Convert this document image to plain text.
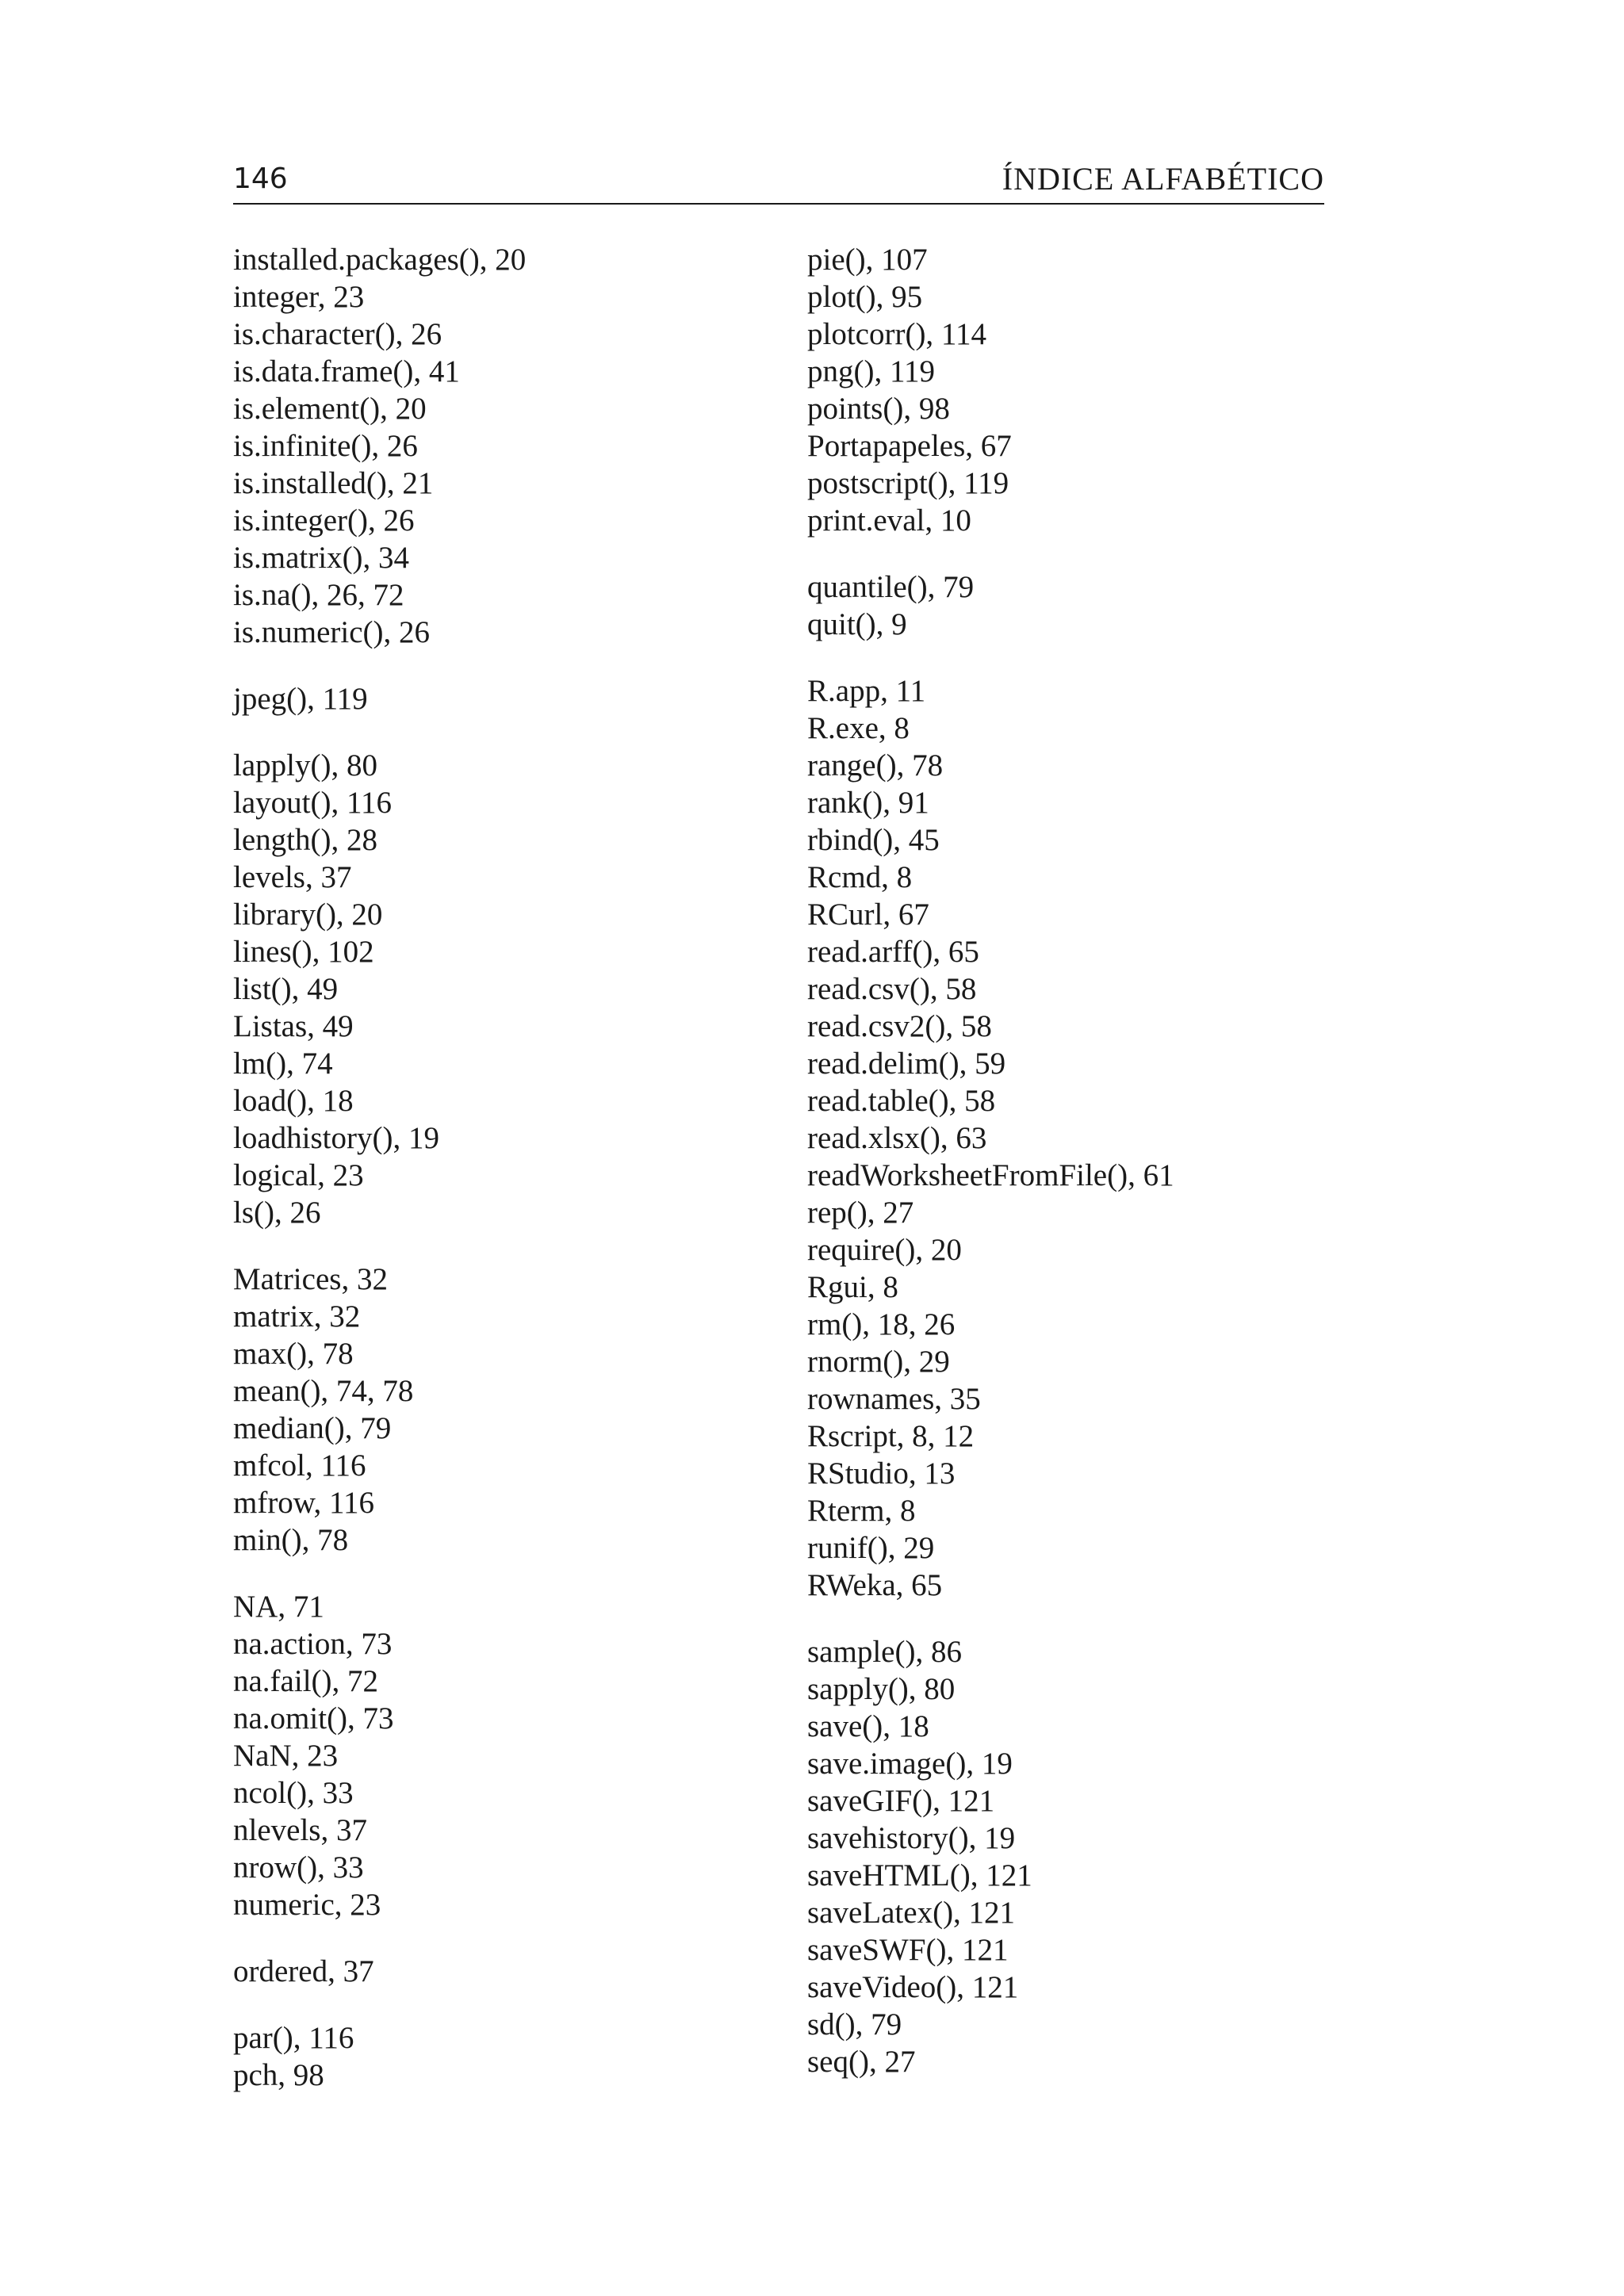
146	ÍNDICE ALFABÉTICO
installed.packages(), 20
integer, 23
is.character(), 26
is.data.frame(), 41
is.element(), 20
is.infinite(), 26
is.installed(), 21
is.integer(), 26
is.matrix(), 34
is.na(), 26, 72
is.numeric(), 26
jpeg(), 119
lapply(), 80
layout(), 116
length(), 28
levels, 37
library(), 20
lines(), 102
list(), 49
Listas, 49
lm(), 74
load(), 18
loadhistory(), 19
logical, 23
ls(), 26
Matrices, 32
matrix, 32
max(), 78
mean(), 74, 78
median(), 79
mfcol, 116
mfrow, 116
min(), 78
NA, 71
na.action, 73
na.fail(), 72
na.omit(), 73
NaN, 23
ncol(), 33
nlevels, 37
nrow(), 33
numeric, 23
ordered, 37
par(), 116
pch, 98
pie(), 107
plot(), 95
plotcorr(), 114
png(), 119
points(), 98
Portapapeles, 67
postscript(), 119
print.eval, 10
quantile(), 79
quit(), 9
R.app, 11
R.exe, 8
range(), 78
rank(), 91
rbind(), 45
Rcmd, 8
RCurl, 67
read.arff(), 65
read.csv(), 58
read.csv2(), 58
read.delim(), 59
read.table(), 58
read.xlsx(), 63
readWorksheetFromFile(), 61
rep(), 27
require(), 20
Rgui, 8
rm(), 18, 26
rnorm(), 29
rownames, 35
Rscript, 8, 12
RStudio, 13
Rterm, 8
runif(), 29
RWeka, 65
sample(), 86
sapply(), 80
save(), 18
save.image(), 19
saveGIF(), 121
savehistory(), 19
saveHTML(), 121
saveLatex(), 121
saveSWF(), 121
saveVideo(), 121
sd(), 79
seq(), 27
